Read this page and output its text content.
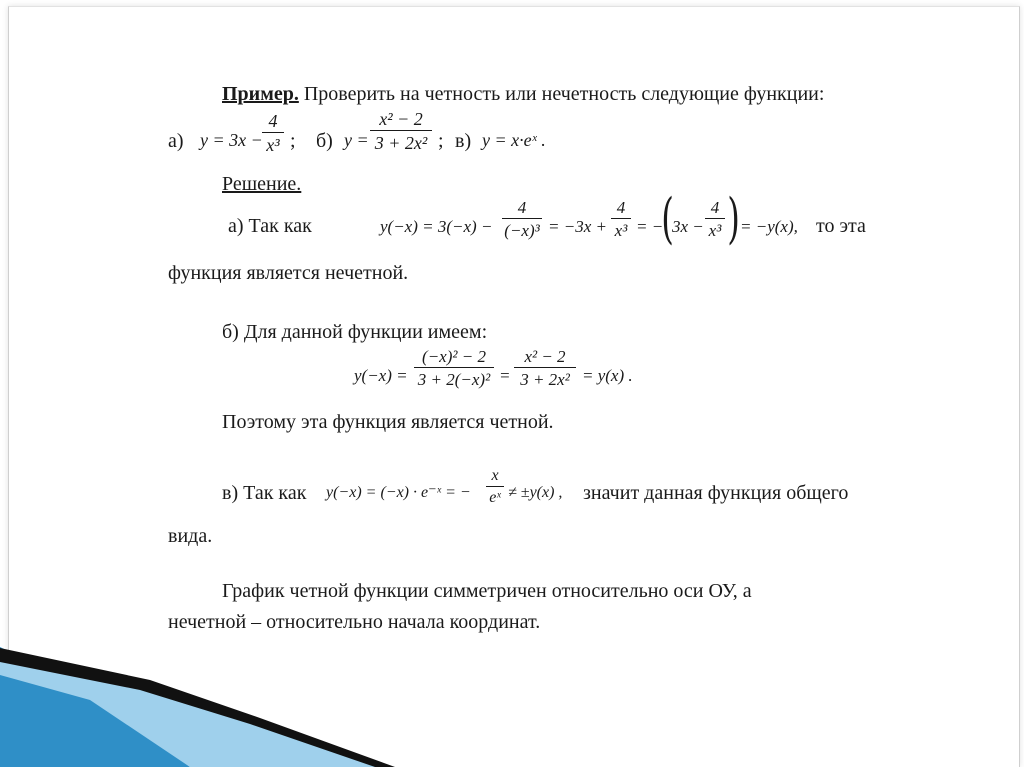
Пример. Проверить на четность или нечетность следующие функции:
а) y = 3x −
4
x³ ; б) y =
x² − 2
3 + 2x² ; в) y = x·eˣ .
Решение.
а) Так как	y(−x) = 3(−x) −
4
(−x)³ = −3x +
4
x³ = −
(
3x −
4
x³ ) = −y(x), то эта
функция является нечетной.
б) Для данной функции имеем:
y(−x) =
(−x)² − 2
3 + 2(−x)² =
x² − 2
3 + 2x² = y(x) .
Поэтому эта функция является четной.
в) Так как y(−x) = (−x) · e⁻ˣ = −
x
eˣ ≠ ±y(x) , значит данная функция общего
вида.
График четной функции симметричен относительно оси ОУ, а
нечетной – относительно начала координат.
